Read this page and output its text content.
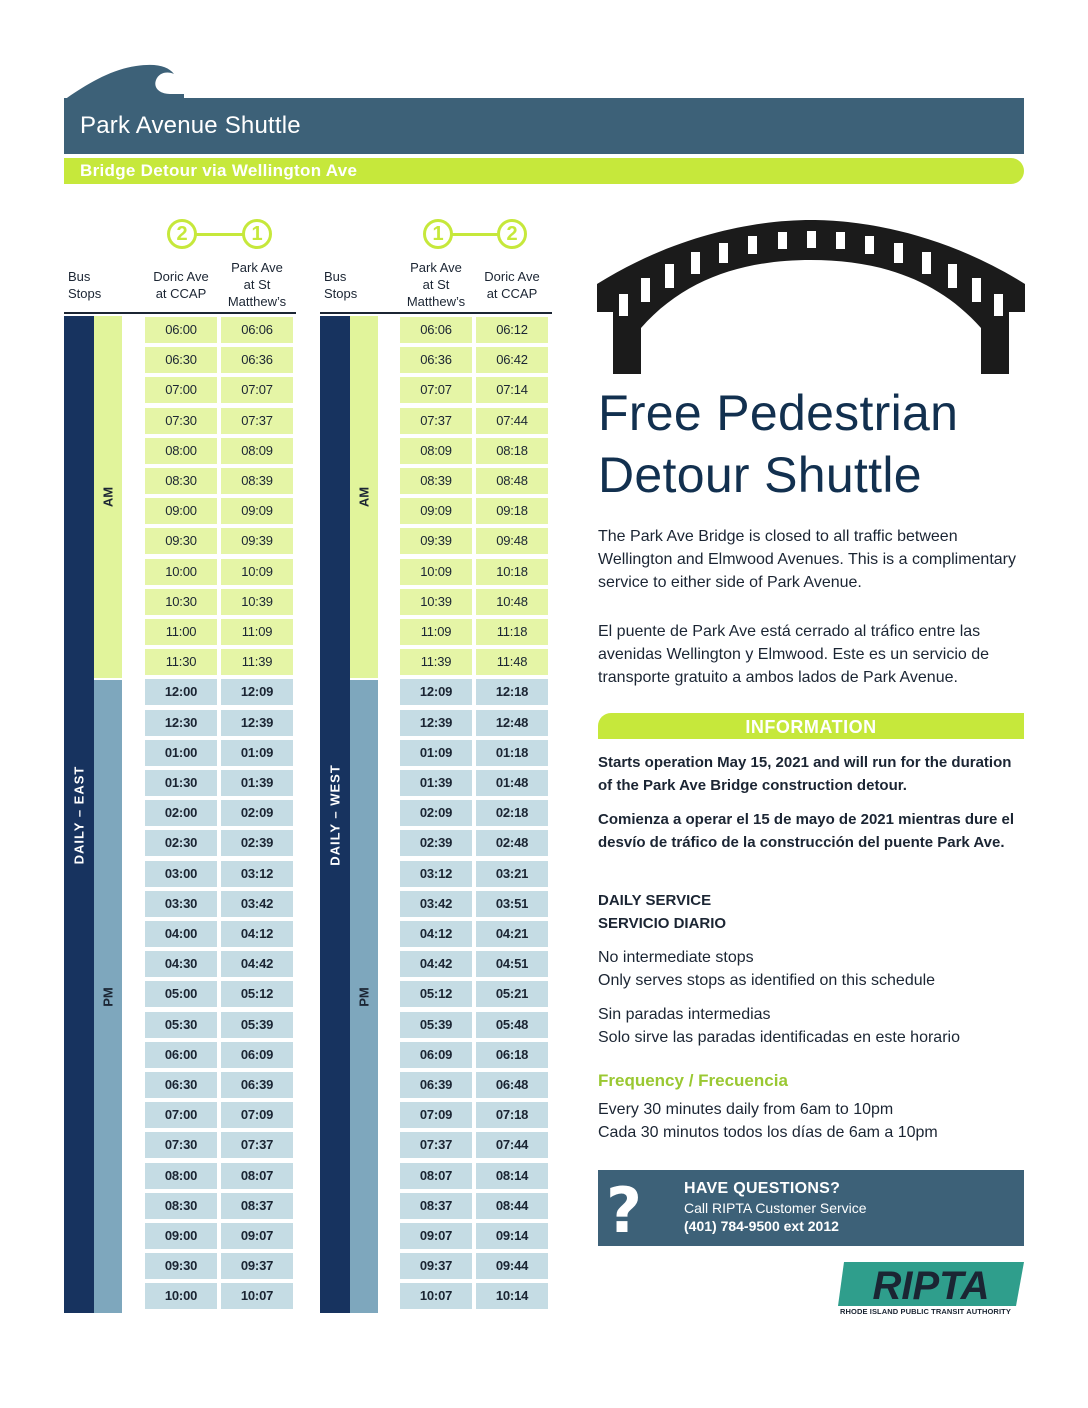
Park Avenue Shuttle
Bridge Detour via Wellington Ave
2	1
Bus
Stops
Doric Ave
at CCAP
Park Ave
at St
Matthew’s
DAILY – EAST
AM
PM
06:00	06:06
06:30	06:36
07:00	07:07
07:30	07:37
08:00	08:09
08:30	08:39
09:00	09:09
09:30	09:39
10:00	10:09
10:30	10:39
11:00	11:09
11:30	11:39
12:00	12:09
12:30	12:39
01:00	01:09
01:30	01:39
02:00	02:09
02:30	02:39
03:00	03:12
03:30	03:42
04:00	04:12
04:30	04:42
05:00	05:12
05:30	05:39
06:00	06:09
06:30	06:39
07:00	07:09
07:30	07:37
08:00	08:07
08:30	08:37
09:00	09:07
09:30	09:37
10:00	10:07
1	2
Bus
Stops
Park Ave
at St
Matthew’s
Doric Ave
at CCAP
DAILY – WEST
AM
PM
06:06	06:12
06:36	06:42
07:07	07:14
07:37	07:44
08:09	08:18
08:39	08:48
09:09	09:18
09:39	09:48
10:09	10:18
10:39	10:48
11:09	11:18
11:39	11:48
12:09	12:18
12:39	12:48
01:09	01:18
01:39	01:48
02:09	02:18
02:39	02:48
03:12	03:21
03:42	03:51
04:12	04:21
04:42	04:51
05:12	05:21
05:39	05:48
06:09	06:18
06:39	06:48
07:09	07:18
07:37	07:44
08:07	08:14
08:37	08:44
09:07	09:14
09:37	09:44
10:07	10:14
Free Pedestrian
Detour Shuttle
The Park Ave Bridge is closed to all traffic between Wellington and Elmwood Avenues. This is a complimentary service to either side of Park Avenue.
El puente de Park Ave está cerrado al tráfico entre las avenidas Wellington y Elmwood. Este es un servicio de transporte gratuito a ambos lados de Park Avenue.
INFORMATION
Starts operation May 15, 2021 and will run for the duration of the Park Ave Bridge construction detour.
Comienza a operar el 15 de mayo de 2021 mientras dure el desvío de tráfico de la construcción del puente Park Ave.
DAILY SERVICE
SERVICIO DIARIO
No intermediate stops
Only serves stops as identified on this schedule
Sin paradas intermedias
Solo sirve las paradas identificadas en este horario
Frequency / Frecuencia
Every 30 minutes daily from 6am to 10pm
Cada 30 minutos todos los días de 6am a 10pm
?	HAVE QUESTIONS?
Call RIPTA Customer Service
(401) 784-9500 ext 2012
RIPTA
RHODE ISLAND PUBLIC TRANSIT AUTHORITY
